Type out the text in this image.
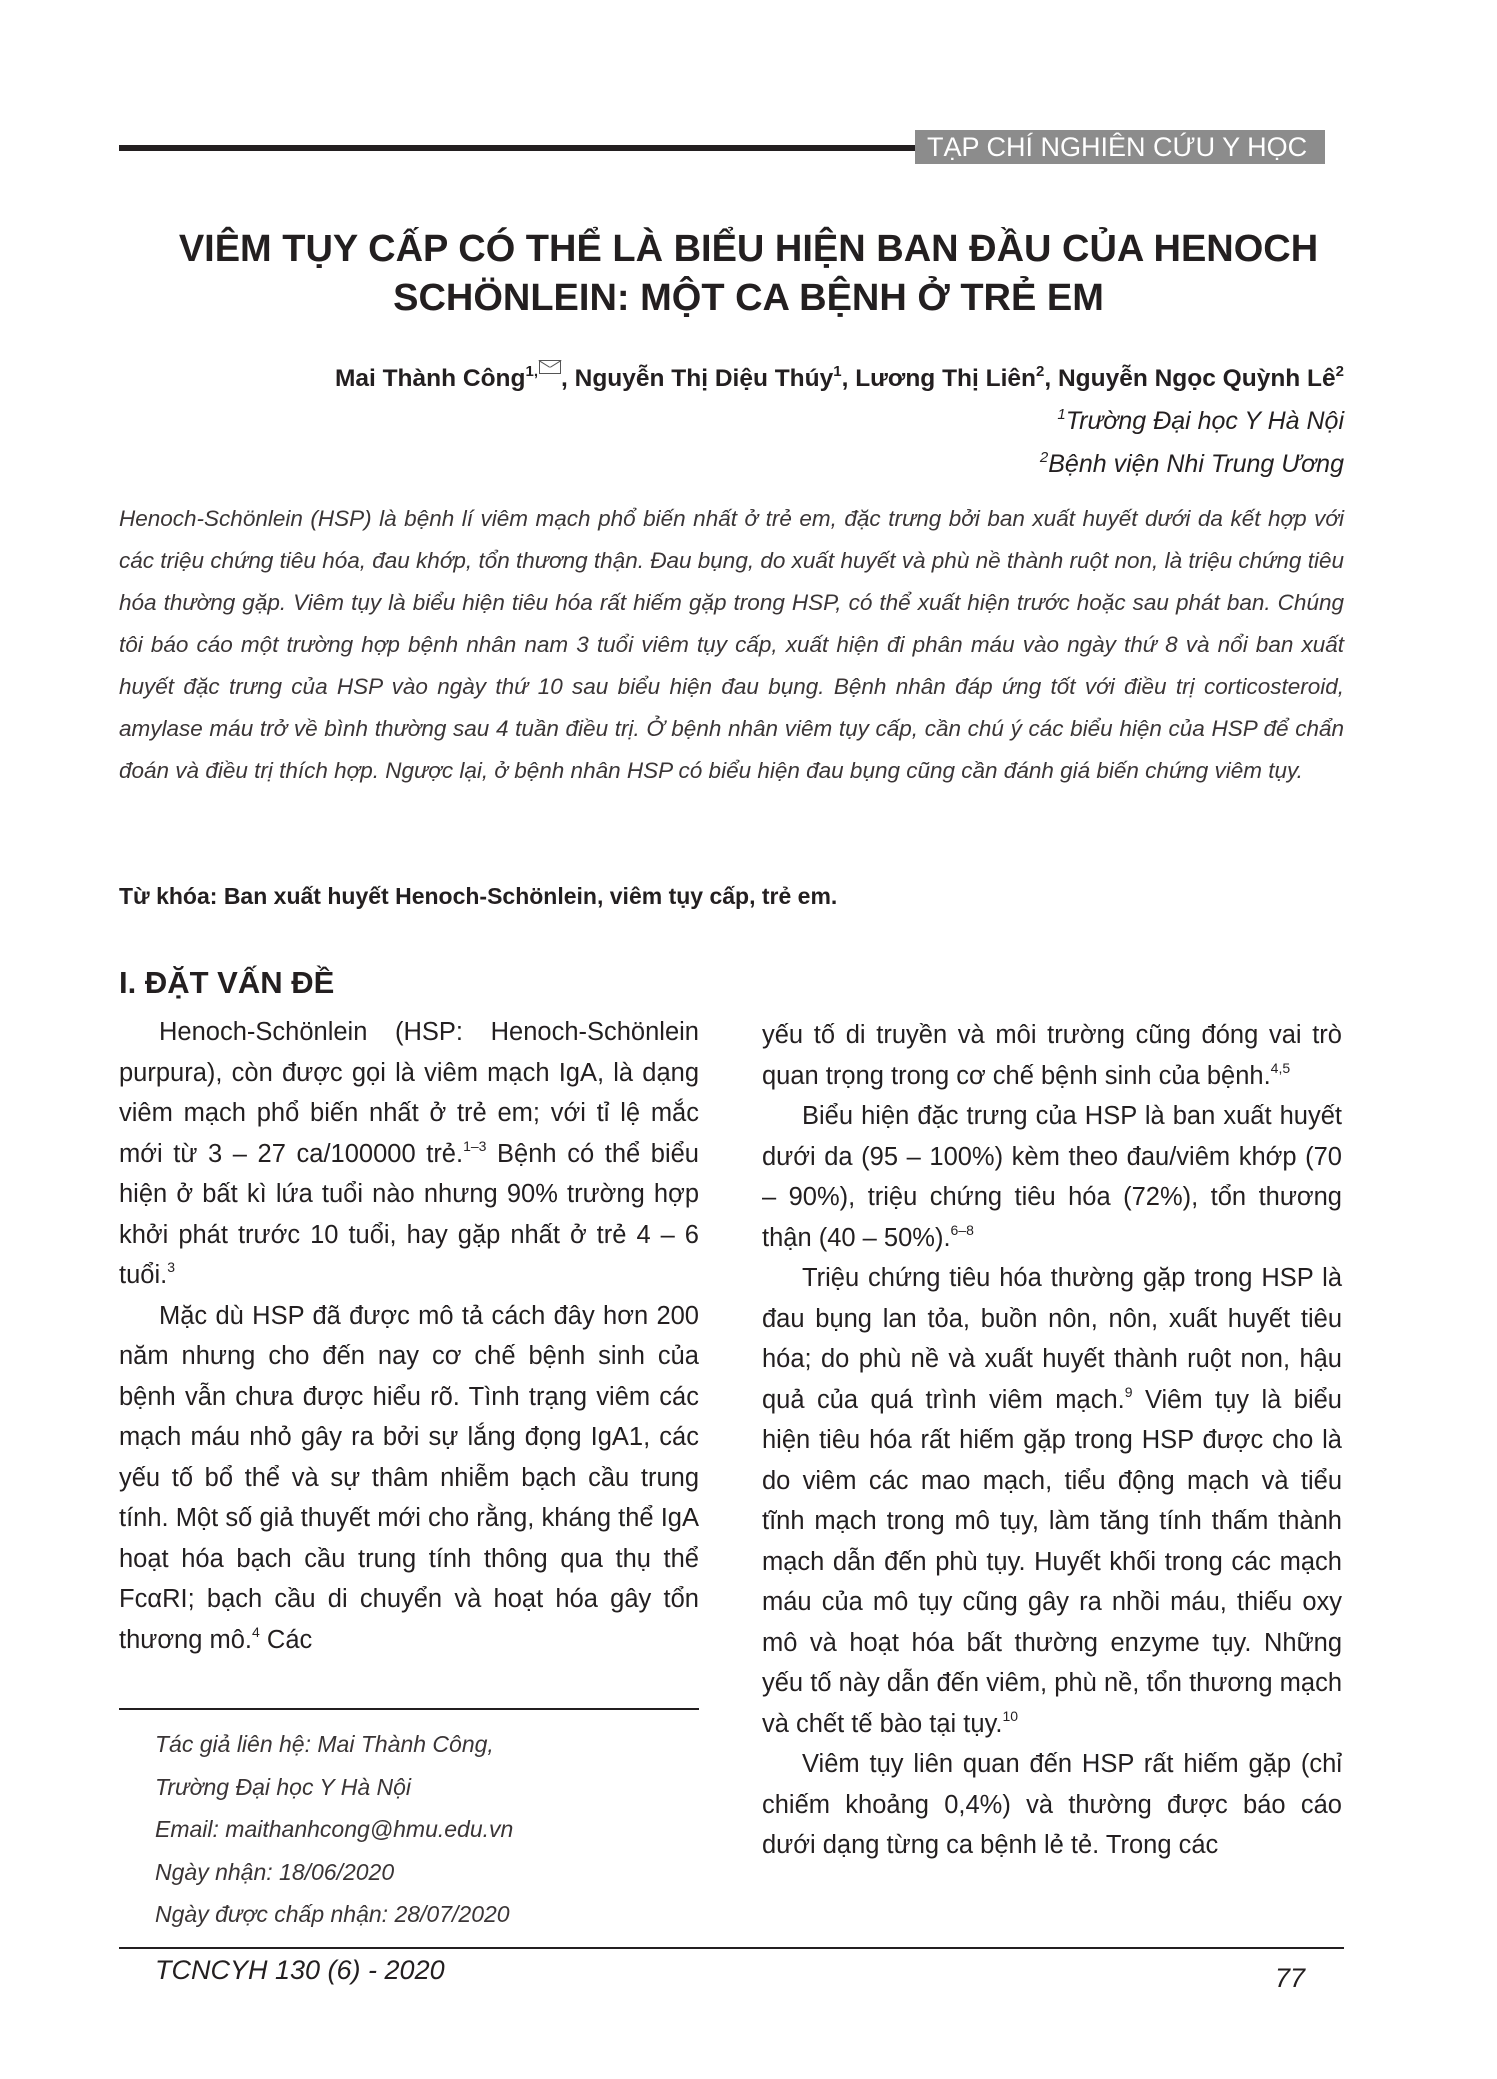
TẠP CHÍ NGHIÊN CỨU Y HỌC
VIÊM TỤY CẤP CÓ THỂ LÀ BIỂU HIỆN BAN ĐẦU CỦA HENOCH
SCHÖNLEIN: MỘT CA BỆNH Ở TRẺ EM
Mai Thành Công$^{1,}$ , Nguyễn Thị Diệu Thúy$^1$, Lương Thị Liên$^2$, Nguyễn Ngọc Quỳnh $Lê^2$
$^1$Trường Đại học Y Hà Nội
$^2$Bệnh viện Nhi Trung Ương

Henoch-Schönlein (HSP) là bệnh lí viêm mạch phổ biến nhất ở trẻ em, đặc trưng bởi ban xuất huyết dưới da kết hợp với các triệu chứng tiêu hóa, đau khớp, tổn thương thận. Đau bụng, do xuất huyết và phù nề thành ruột non, là triệu chứng tiêu hóa thường gặp. Viêm tụy là biểu hiện tiêu hóa rất hiếm gặp trong HSP, có thể xuất hiện trước hoặc sau phát ban. Chúng tôi báo cáo một trường hợp bệnh nhân nam 3 tuổi viêm tụy cấp, xuất hiện đi phân máu vào ngày thứ 8 và nổi ban xuất huyết đặc trưng của HSP vào ngày thứ 10 sau biểu hiện đau bụng. Bệnh nhân đáp ứng tốt với điều trị corticosteroid, amylase máu trở về bình thường sau 4 tuần điều trị. Ở bệnh nhân viêm tụy cấp, cần chú ý các biểu hiện của HSP để chẩn đoán và điều trị thích hợp. Ngược lại, ở bệnh nhân HSP có biểu hiện đau bụng cũng cần đánh giá biến chứng viêm tụy.

Từ khóa: Ban xuất huyết Henoch-Schönlein, viêm tụy cấp, trẻ em.

I. ĐẶT VẤN ĐỀ

Henoch-Schönlein (HSP: Henoch-Schönlein purpura), còn được gọi là viêm mạch IgA, là dạng viêm mạch phổ biến nhất ở trẻ em; với tỉ lệ mắc mới từ 3 – 27 ca/100000 trẻ.$^{1-3}$ Bệnh có thể biểu hiện ở bất kì lứa tuổi nào nhưng 90% trường hợp khởi phát trước 10 tuổi, hay gặp nhất ở trẻ 4 – 6 tuổi.$^3$

Mặc dù HSP đã được mô tả cách đây hơn 200 năm nhưng cho đến nay cơ chế bệnh sinh của bệnh vẫn chưa được hiểu rõ. Tình trạng viêm các mạch máu nhỏ gây ra bởi sự lắng đọng IgA1, các yếu tố bổ thể và sự thâm nhiễm bạch cầu trung tính. Một số giả thuyết mới cho rằng, kháng thể IgA hoạt hóa bạch cầu trung tính thông qua thụ thể FcαRI; bạch cầu di chuyển và hoạt hóa gây tổn thương mô.$^4$ Các

yếu tố di truyền và môi trường cũng đóng vai trò quan trọng trong cơ chế bệnh sinh của bệnh.$^{4,5}$

Biểu hiện đặc trưng của HSP là ban xuất huyết dưới da (95 – 100%) kèm theo đau/viêm khớp (70 – 90%), triệu chứng tiêu hóa (72%), tổn thương thận (40 – 50%).$^{6-8}$

Triệu chứng tiêu hóa thường gặp trong HSP là đau bụng lan tỏa, buồn nôn, nôn, xuất huyết tiêu hóa; do phù nề và xuất huyết thành ruột non, hậu quả của quá trình viêm mạch.$^9$ Viêm tụy là biểu hiện tiêu hóa rất hiếm gặp trong HSP được cho là do viêm các mao mạch, tiểu động mạch và tiểu tĩnh mạch trong mô tụy, làm tăng tính thấm thành mạch dẫn đến phù tụy. Huyết khối trong các mạch máu của mô tụy cũng gây ra nhồi máu, thiếu oxy mô và hoạt hóa bất thường enzyme tụy. Những yếu tố này dẫn đến viêm, phù nề, tổn thương mạch và chết tế bào tại tụy.$^{10}$

Viêm tụy liên quan đến HSP rất hiếm gặp (chỉ chiếm khoảng 0,4%) và thường được báo cáo dưới dạng từng ca bệnh lẻ tẻ. Trong các

Tác giả liên hệ: Mai Thành Công,
Trường Đại học Y Hà Nội
Email: maithanhcong@hmu.edu.vn
Ngày nhận: 18/06/2020
Ngày được chấp nhận: 28/07/2020
TCNCYH 130 (6) - 2020	77
